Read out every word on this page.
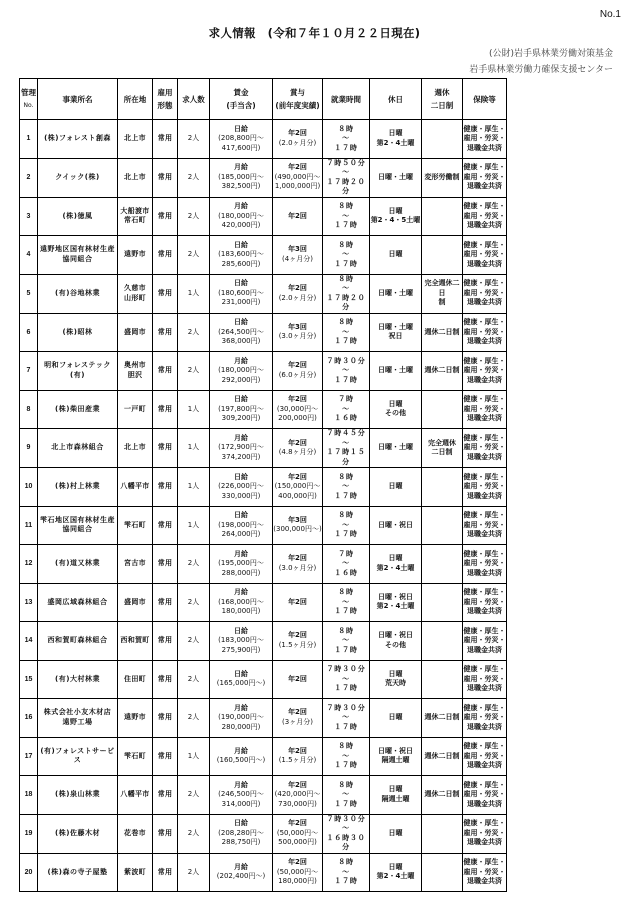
No.1
求人情報　(令和７年１０月２２日現在)
(公財)岩手県林業労働対策基金
岩手県林業労働力確保支援センター
管理
No.	事業所名	所在地	雇用
形態	求人数	賃金
(手当含)	賞与
(前年度実績)	就業時間	休日	週休
二日制	保険等
1	(株)フォレスト創森	北上市	常用	2人	日給
(208,800円～
417,600円)	年2回
(2.0ヶ月分)	８時
～
１７時	日曜
第2・4土曜		健康・厚生・
雇用・労災・
退職金共済

2	クイック(株)	北上市	常用	2人	月給
(185,000円～
382,500円)	年2回
(490,000円～
1,000,000円)	７時５０分
～
１７時２０分	日曜・土曜	変形労働制	健康・厚生・
雇用・労災・
退職金共済

3	(株)徳風	大船渡市
常石町	常用	2人	月給
(180,000円～
420,000円)	年2回	８時
～
１７時	日曜
第2・4・5土曜		健康・厚生・
雇用・労災・
退職金共済

4	遠野地区国有林材生産
協同組合	遠野市	常用	2人	日給
(183,600円～
285,600円)	年3回
(4ヶ月分)	８時
～
１７時	日曜		健康・厚生・
雇用・労災・
退職金共済

5	(有)谷地林業	久慈市
山形町	常用	1人	日給
(180,600円～
231,000円)	年2回
(2.0ヶ月分)	８時
～
１７時２０分	日曜・土曜	完全週休二日
制	健康・厚生・
雇用・労災・
退職金共済

6	(株)昭林	盛岡市	常用	2人	日給
(264,500円～
368,000円)	年3回
(3.0ヶ月分)	８時
～
１７時	日曜・土曜
祝日	週休二日制	健康・厚生・
雇用・労災・
退職金共済

7	明和フォレステック(有)	奥州市
胆沢	常用	2人	月給
(180,000円～
292,000円)	年2回
(6.0ヶ月分)	７時３０分
～
１７時	日曜・土曜	週休二日制	健康・厚生・
雇用・労災・
退職金共済

8	(株)柴田産業	一戸町	常用	1人	日給
(197,800円～
309,200円)	年2回
(30,000円～
200,000円)	７時
～
１６時	日曜
その他		健康・厚生・
雇用・労災・
退職金共済

9	北上市森林組合	北上市	常用	1人	月給
(172,900円～
374,200円)	年2回
(4.8ヶ月分)	７時４５分
～
１７時１５分	日曜・土曜	完全週休
二日制	健康・厚生・
雇用・労災・
退職金共済

10	(株)村上林業	八幡平市	常用	1人	日給
(226,000円～
330,000円)	年2回
(150,000円～
400,000円)	８時
～
１７時	日曜		健康・厚生・
雇用・労災・
退職金共済

11	雫石地区国有林材生産
協同組合	雫石町	常用	1人	日給
(198,000円～
264,000円)	年3回
(300,000円～)	８時
～
１７時	日曜・祝日		健康・厚生・
雇用・労災・
退職金共済

12	(有)道又林業	宮古市	常用	2人	月給
(195,000円～
288,000円)	年2回
(3.0ヶ月分)	７時
～
１６時	日曜
第2・4土曜		健康・厚生・
雇用・労災・
退職金共済

13	盛岡広域森林組合	盛岡市	常用	2人	月給
(168,000円～
180,000円)	年2回	８時
～
１７時	日曜・祝日
第2・4土曜		健康・厚生・
雇用・労災・
退職金共済

14	西和賀町森林組合	西和賀町	常用	2人	日給
(183,000円～
275,900円)	年2回
(1.5ヶ月分)	８時
～
１７時	日曜・祝日
その他		健康・厚生・
雇用・労災・
退職金共済

15	(有)大村林業	住田町	常用	2人	日給
(165,000円～)	年2回	７時３０分
～
１７時	日曜
荒天時		健康・厚生・
雇用・労災・
退職金共済

16	株式会社小友木材店
遠野工場	遠野市	常用	2人	月給
(190,000円～
280,000円)	年2回
(3ヶ月分)	７時３０分
～
１７時	日曜	週休二日制	健康・厚生・
雇用・労災・
退職金共済

17	(有)フォレストサービス	雫石町	常用	1人	月給
(160,500円～)	年2回
(1.5ヶ月分)	８時
～
１７時	日曜・祝日
隔週土曜	週休二日制	健康・厚生・
雇用・労災・
退職金共済

18	(株)泉山林業	八幡平市	常用	2人	月給
(246,500円～
314,000円)	年2回
(420,000円～
730,000円)	８時
～
１７時	日曜
隔週土曜	週休二日制	健康・厚生・
雇用・労災・
退職金共済

19	(株)佐藤木材	花巻市	常用	2人	日給
(208,280円～
288,750円)	年2回
(50,000円～
500,000円)	７時３０分
～
１６時３０分	日曜		健康・厚生・
雇用・労災・
退職金共済

20	(株)森の寺子屋塾	紫波町	常用	2人	月給
(202,400円～)	年2回
(50,000円～
180,000円)	８時
～
１７時	日曜
第2・4土曜		健康・厚生・
雇用・労災・
退職金共済
